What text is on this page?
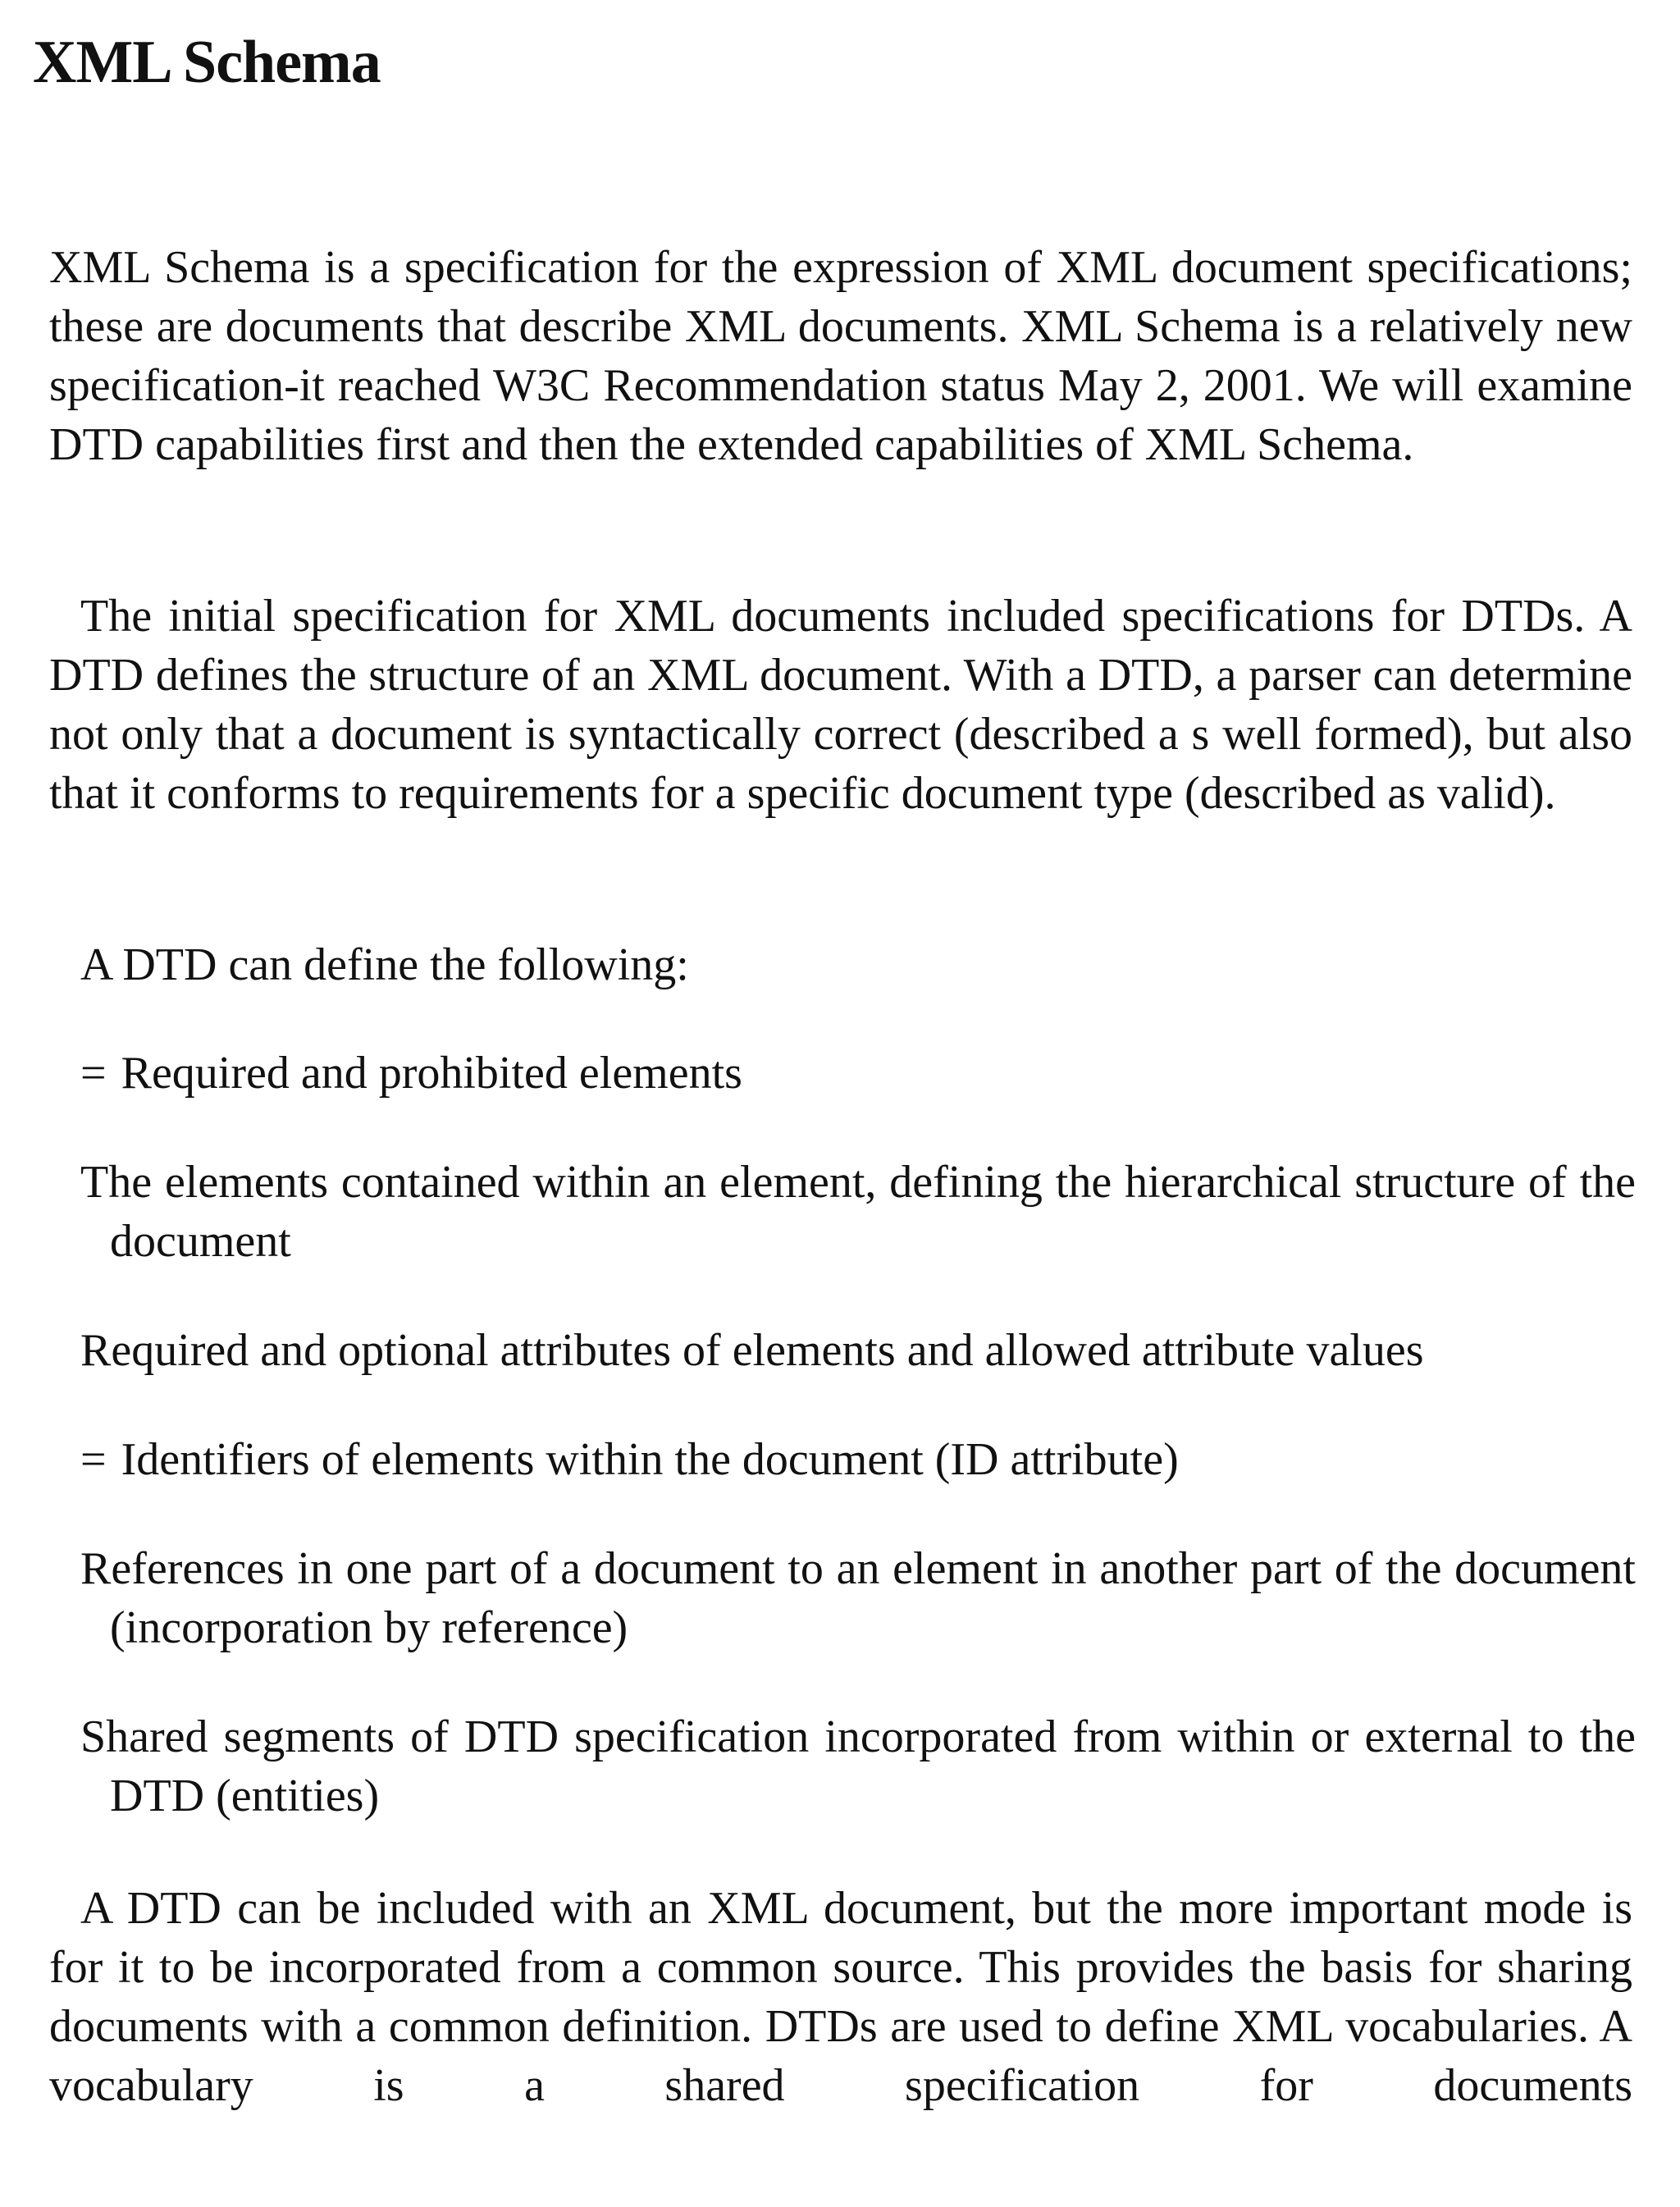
XML Schema

XML Schema is a specification for the expression of XML document specifications; these are documents that describe XML documents. XML Schema is a relatively new specification-it reached W3C Recommendation status May 2, 2001. We will examine DTD capabilities first and then the extended capabilities of XML Schema.

The initial specification for XML documents included specifications for DTDs. A DTD defines the structure of an XML document. With a DTD, a parser can determine not only that a document is syntactically correct (described a s well formed), but also that it conforms to requirements for a specific document type (described as valid).

A DTD can define the following:

= Required and prohibited elements

The elements contained within an element, defining the hierarchical structure of the document

Required and optional attributes of elements and allowed attribute values

= Identifiers of elements within the document (ID attribute)

References in one part of a document to an element in another part of the document (incorporation by reference)

Shared segments of DTD specification incorporated from within or external to the DTD (entities)

A DTD can be included with an XML document, but the more important mode is for it to be incorporated from a common source. This provides the basis for sharing documents with a common definition. DTDs are used to define XML vocabularies. A vocabulary is a shared specification for documents
